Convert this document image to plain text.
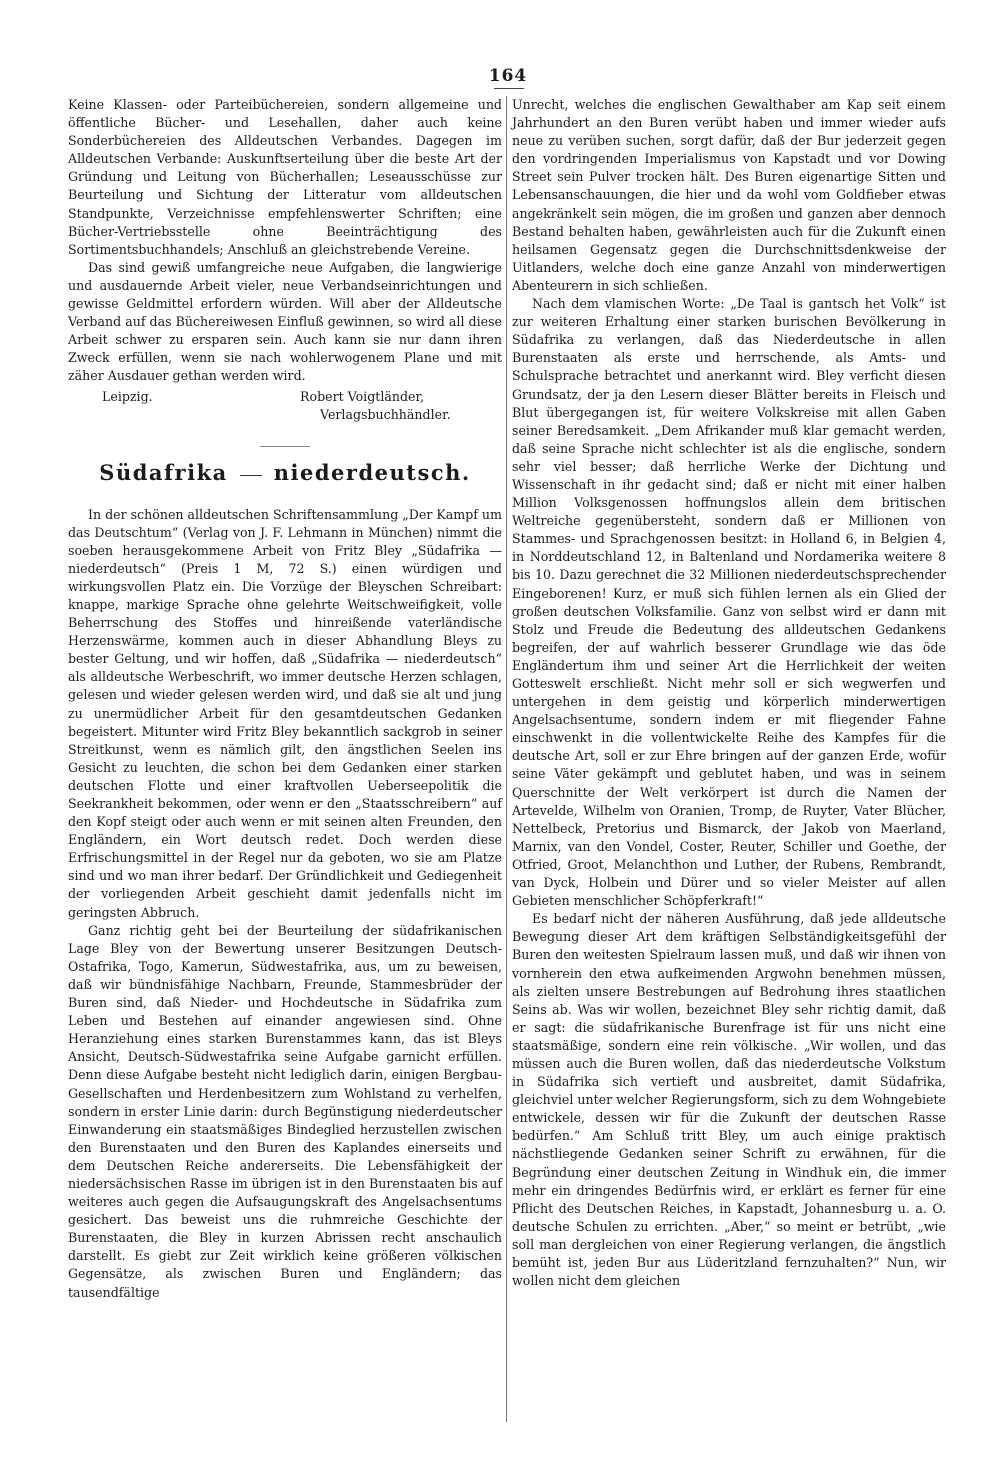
164

Keine Klassen- oder Parteibüchereien, sondern allgemeine und öffentliche Bücher- und Lesehallen, daher auch keine Sonderbüchereien des Alldeutschen Verbandes. Dagegen im Alldeutschen Verbande: Auskunftserteilung über die beste Art der Gründung und Leitung von Bücherhallen; Leseausschüsse zur Beurteilung und Sichtung der Litteratur vom alldeutschen Standpunkte, Verzeichnisse empfehlenswerter Schriften; eine Bücher-Vertriebsstelle ohne Beeinträchtigung des Sortimentsbuchhandels; Anschluß an gleichstrebende Vereine.

Das sind gewiß umfangreiche neue Aufgaben, die langwierige und ausdauernde Arbeit vieler, neue Verbandseinrichtungen und gewisse Geldmittel erfordern würden. Will aber der Alldeutsche Verband auf das Büchereiwesen Einfluß gewinnen, so wird all diese Arbeit schwer zu ersparen sein. Auch kann sie nur dann ihren Zweck erfüllen, wenn sie nach wohlerwogenem Plane und mit zäher Ausdauer gethan werden wird.

Leipzig.	Robert Voigtländer,
Verlagsbuchhändler.
Südafrika niederdeutsch.

In der schönen alldeutschen Schriftensammlung „Der Kampf um das Deutschtum“ (Verlag von J. F. Lehmann in München) nimmt die soeben herausgekommene Arbeit von Fritz Bley „Südafrika — niederdeutsch“ (Preis 1 M, 72 S.) einen würdigen und wirkungsvollen Platz ein. Die Vorzüge der Bleyschen Schreibart: knappe, markige Sprache ohne gelehrte Weitschweifigkeit, volle Beherrschung des Stoffes und hinreißende vaterländische Herzenswärme, kommen auch in dieser Abhandlung Bleys zu bester Geltung, und wir hoffen, daß „Südafrika — niederdeutsch“ als alldeutsche Werbeschrift, wo immer deutsche Herzen schlagen, gelesen und wieder gelesen werden wird, und daß sie alt und jung zu unermüdlicher Arbeit für den gesamtdeutschen Gedanken begeistert. Mitunter wird Fritz Bley bekanntlich sackgrob in seiner Streitkunst, wenn es nämlich gilt, den ängstlichen Seelen ins Gesicht zu leuchten, die schon bei dem Gedanken einer starken deutschen Flotte und einer kraftvollen Ueberseepolitik die Seekrankheit bekommen, oder wenn er den „Staatsschreibern“ auf den Kopf steigt oder auch wenn er mit seinen alten Freunden, den Engländern, ein Wort deutsch redet. Doch werden diese Erfrischungsmittel in der Regel nur da geboten, wo sie am Platze sind und wo man ihrer bedarf. Der Gründlichkeit und Gediegenheit der vorliegenden Arbeit geschieht damit jedenfalls nicht im geringsten Abbruch.

Ganz richtig geht bei der Beurteilung der südafrikanischen Lage Bley von der Bewertung unserer Besitzungen Deutsch-Ostafrika, Togo, Kamerun, Südwestafrika, aus, um zu beweisen, daß wir bündnisfähige Nachbarn, Freunde, Stammesbrüder der Buren sind, daß Nieder- und Hochdeutsche in Südafrika zum Leben und Bestehen auf einander angewiesen sind. Ohne Heranziehung eines starken Burenstammes kann, das ist Bleys Ansicht, Deutsch-Südwestafrika seine Aufgabe garnicht erfüllen. Denn diese Aufgabe besteht nicht lediglich darin, einigen Bergbau-Gesellschaften und Herdenbesitzern zum Wohlstand zu verhelfen, sondern in erster Linie darin: durch Begünstigung niederdeutscher Einwanderung ein staatsmäßiges Bindeglied herzustellen zwischen den Burenstaaten und den Buren des Kaplandes einerseits und dem Deutschen Reiche andererseits. Die Lebensfähigkeit der niedersächsischen Rasse im übrigen ist in den Burenstaaten bis auf weiteres auch gegen die Aufsaugungskraft des Angelsachsentums gesichert. Das beweist uns die ruhmreiche Geschichte der Burenstaaten, die Bley in kurzen Abrissen recht anschaulich darstellt. Es giebt zur Zeit wirklich keine größeren völkischen Gegensätze, als zwischen Buren und Engländern; das tausendfältige

Unrecht, welches die englischen Gewalthaber am Kap seit einem Jahrhundert an den Buren verübt haben und immer wieder aufs neue zu verüben suchen, sorgt dafür, daß der Bur jederzeit gegen den vordringenden Imperialismus von Kapstadt und vor Dowing Street sein Pulver trocken hält. Des Buren eigenartige Sitten und Lebensanschauungen, die hier und da wohl vom Goldfieber etwas angekränkelt sein mögen, die im großen und ganzen aber dennoch Bestand behalten haben, gewährleisten auch für die Zukunft einen heilsamen Gegensatz gegen die Durchschnittsdenkweise der Uitlanders, welche doch eine ganze Anzahl von minderwertigen Abenteurern in sich schließen.

Nach dem vlamischen Worte: „De Taal is gantsch het Volk“ ist zur weiteren Erhaltung einer starken burischen Bevölkerung in Südafrika zu verlangen, daß das Niederdeutsche in allen Burenstaaten als erste und herrschende, als Amts- und Schulsprache betrachtet und anerkannt wird. Bley verficht diesen Grundsatz, der ja den Lesern dieser Blätter bereits in Fleisch und Blut übergegangen ist, für weitere Volkskreise mit allen Gaben seiner Beredsamkeit. „Dem Afrikander muß klar gemacht werden, daß seine Sprache nicht schlechter ist als die englische, sondern sehr viel besser; daß herrliche Werke der Dichtung und Wissenschaft in ihr gedacht sind; daß er nicht mit einer halben Million Volksgenossen hoffnungslos allein dem britischen Weltreiche gegenübersteht, sondern daß er Millionen von Stammes- und Sprachgenossen besitzt: in Holland 6, in Belgien 4, in Norddeutschland 12, in Baltenland und Nordamerika weitere 8 bis 10. Dazu gerechnet die 32 Millionen niederdeutschsprechender Eingeborenen! Kurz, er muß sich fühlen lernen als ein Glied der großen deutschen Volksfamilie. Ganz von selbst wird er dann mit Stolz und Freude die Bedeutung des alldeutschen Gedankens begreifen, der auf wahrlich besserer Grundlage wie das öde Engländertum ihm und seiner Art die Herrlichkeit der weiten Gotteswelt erschließt. Nicht mehr soll er sich wegwerfen und untergehen in dem geistig und körperlich minderwertigen Angelsachsentume, sondern indem er mit fliegender Fahne einschwenkt in die vollentwickelte Reihe des Kampfes für die deutsche Art, soll er zur Ehre bringen auf der ganzen Erde, wofür seine Väter gekämpft und geblutet haben, und was in seinem Querschnitte der Welt verkörpert ist durch die Namen der Artevelde, Wilhelm von Oranien, Tromp, de Ruyter, Vater Blücher, Nettelbeck, Pretorius und Bismarck, der Jakob von Maerland, Marnix, van den Vondel, Coster, Reuter, Schiller und Goethe, der Otfried, Groot, Melanchthon und Luther, der Rubens, Rembrandt, van Dyck, Holbein und Dürer und so vieler Meister auf allen Gebieten menschlicher Schöpferkraft!“

Es bedarf nicht der näheren Ausführung, daß jede alldeutsche Bewegung dieser Art dem kräftigen Selbständigkeitsgefühl der Buren den weitesten Spielraum lassen muß, und daß wir ihnen von vornherein den etwa aufkeimenden Argwohn benehmen müssen, als zielten unsere Bestrebungen auf Bedrohung ihres staatlichen Seins ab. Was wir wollen, bezeichnet Bley sehr richtig damit, daß er sagt: die südafrikanische Burenfrage ist für uns nicht eine staatsmäßige, sondern eine rein völkische. „Wir wollen, und das müssen auch die Buren wollen, daß das niederdeutsche Volkstum in Südafrika sich vertieft und ausbreitet, damit Südafrika, gleichviel unter welcher Regierungsform, sich zu dem Wohngebiete entwickele, dessen wir für die Zukunft der deutschen Rasse bedürfen.“ Am Schluß tritt Bley, um auch einige praktisch nächstliegende Gedanken seiner Schrift zu erwähnen, für die Begründung einer deutschen Zeitung in Windhuk ein, die immer mehr ein dringendes Bedürfnis wird, er erklärt es ferner für eine Pflicht des Deutschen Reiches, in Kapstadt, Johannesburg u. a. O. deutsche Schulen zu errichten. „Aber,“ so meint er betrübt, „wie soll man dergleichen von einer Regierung verlangen, die ängstlich bemüht ist, jeden Bur aus Lüderitzland fernzuhalten?“ Nun, wir wollen nicht dem gleichen
